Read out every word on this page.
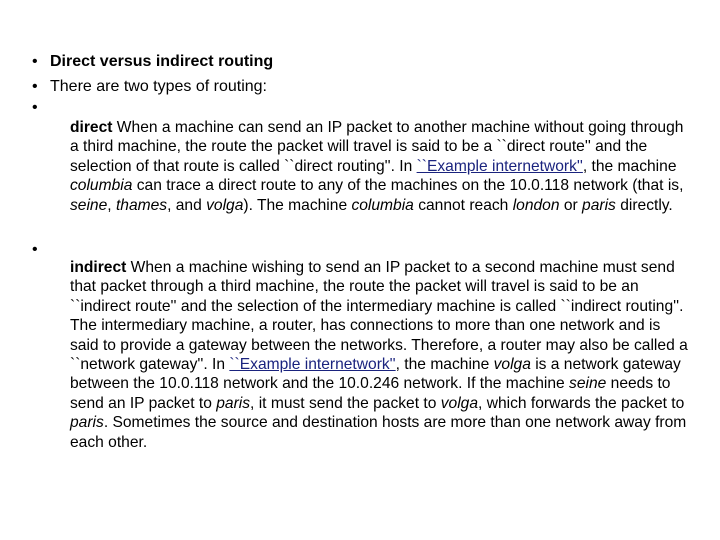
• Direct versus indirect routing
• There are two types of routing:
•
direct When a machine can send an IP packet to another machine without going through a third machine, the route the packet will travel is said to be a ``direct route'' and the selection of that route is called ``direct routing''. In ``Example internetwork'', the machine columbia can trace a direct route to any of the machines on the 10.0.118 network (that is, seine, thames, and volga). The machine columbia cannot reach london or paris directly.
•
indirect When a machine wishing to send an IP packet to a second machine must send that packet through a third machine, the route the packet will travel is said to be an ``indirect route'' and the selection of the intermediary machine is called ``indirect routing''. The intermediary machine, a router, has connections to more than one network and is said to provide a gateway between the networks. Therefore, a router may also be called a ``network gateway''. In ``Example internetwork'', the machine volga is a network gateway between the 10.0.118 network and the 10.0.246 network. If the machine seine needs to send an IP packet to paris, it must send the packet to volga, which forwards the packet to paris. Sometimes the source and destination hosts are more than one network away from each other.
